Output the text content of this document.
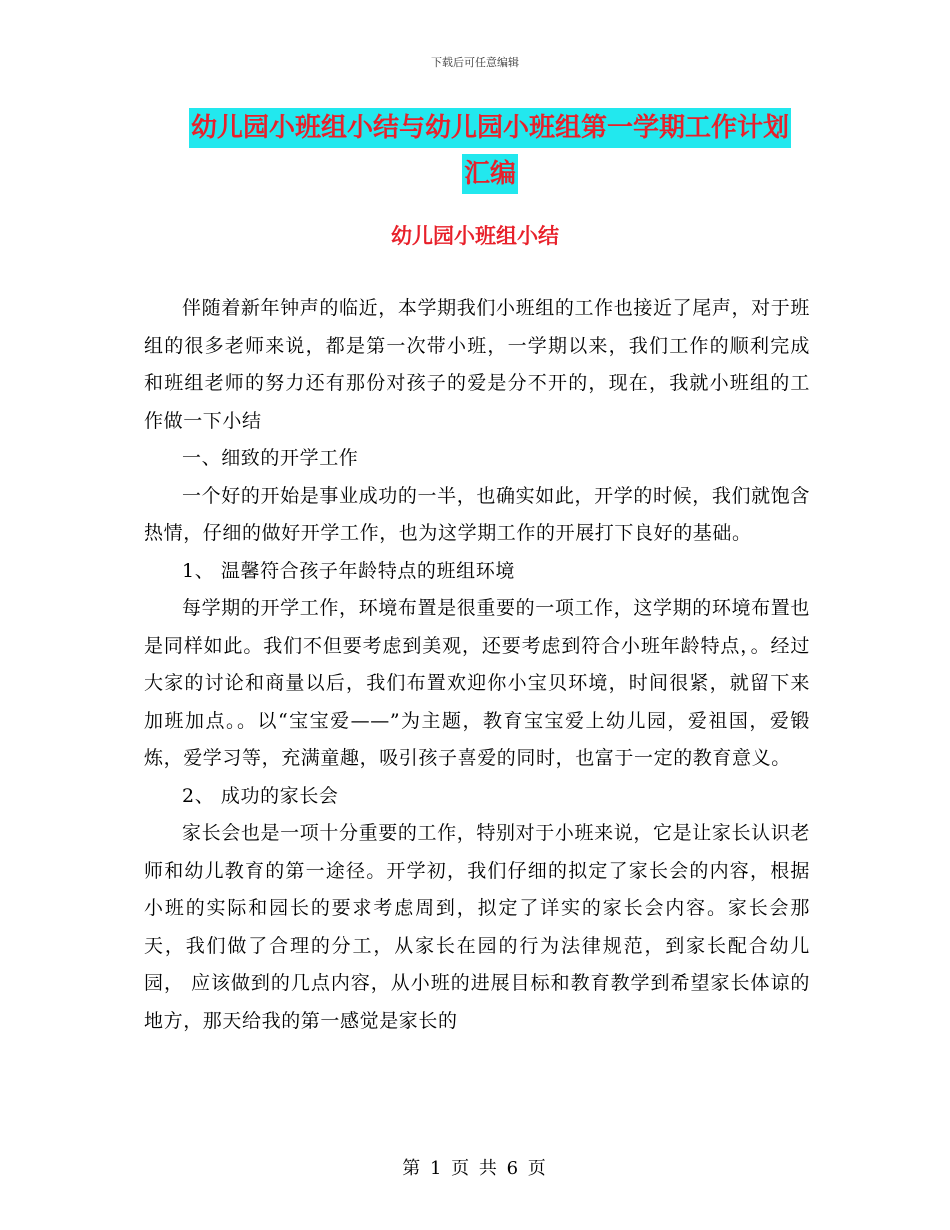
下载后可任意编辑
幼儿园小班组小结与幼儿园小班组第一学期工作计划
汇编
幼儿园小班组小结

伴随着新年钟声的临近，本学期我们小班组的工作也接近了尾声，对于班组的很多老师来说，都是第一次带小班，一学期以来，我们工作的顺利完成和班组老师的努力还有那份对孩子的爱是分不开的，现在，我就小班组的工作做一下小结

一、细致的开学工作

一个好的开始是事业成功的一半，也确实如此，开学的时候，我们就饱含热情，仔细的做好开学工作，也为这学期工作的开展打下良好的基础。

1、 温馨符合孩子年龄特点的班组环境

每学期的开学工作，环境布置是很重要的一项工作，这学期的环境布置也是同样如此。我们不但要考虑到美观，还要考虑到符合小班年龄特点，。经过大家的讨论和商量以后，我们布置欢迎你小宝贝环境，时间很紧，就留下来加班加点。。以“宝宝爱——”为主题，教育宝宝爱上幼儿园，爱祖国，爱锻炼，爱学习等，充满童趣，吸引孩子喜爱的同时，也富于一定的教育意义。

2、 成功的家长会

家长会也是一项十分重要的工作，特别对于小班来说，它是让家长认识老师和幼儿教育的第一途径。开学初，我们仔细的拟定了家长会的内容，根据小班的实际和园长的要求考虑周到，拟定了详实的家长会内容。家长会那天，我们做了合理的分工，从家长在园的行为法律规范，到家长配合幼儿园， 应该做到的几点内容，从小班的进展目标和教育教学到希望家长体谅的地方，那天给我的第一感觉是家长的

第 1 页 共 6 页
